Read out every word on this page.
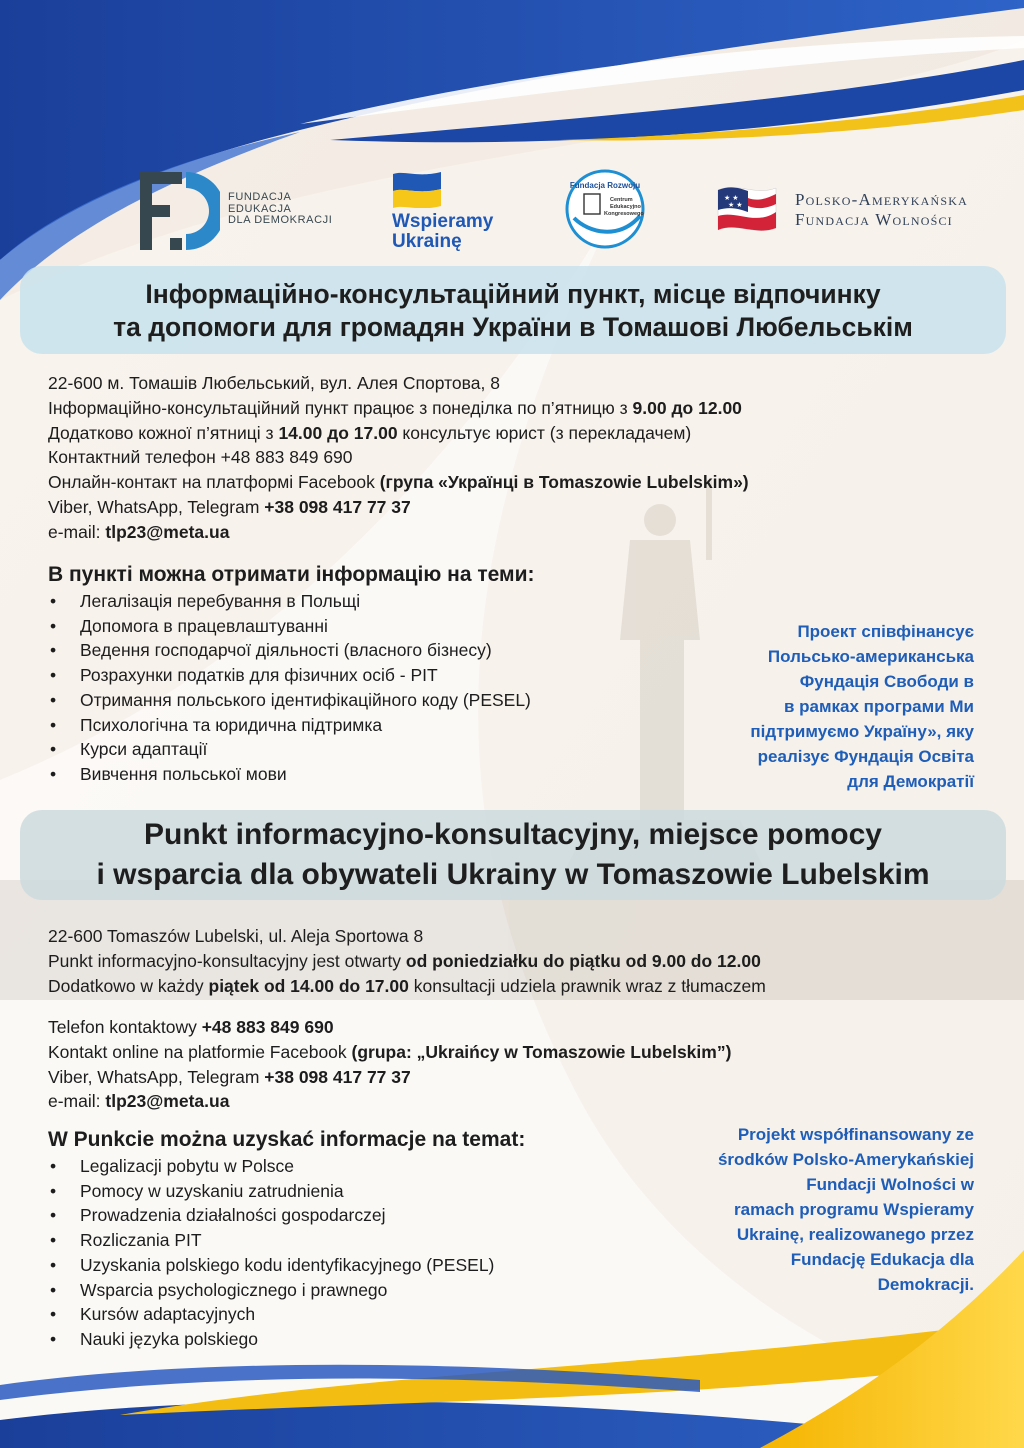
FUNDACJA
EDUKACJA
DLA DEMOKRACJI	Wspieramy
Ukrainę
Fundacja Rozwoju
Centrum
Edukacyjno
Kongresowego
★ ★
★ ★	Polsko-Amerykańska
Fundacja Wolności
Інформаційно-консультаційний пункт, місце відпочинку
та допомоги для громадян України в Томашові Любельськім
22-600 м. Томашів Любельський, вул. Алея Спортова, 8
Інформаційно-консультаційний пункт працює з понеділка по п’ятницю з 9.00 до 12.00
Додатково кожної п’ятниці з 14.00 до 17.00 консультує юрист (з перекладачем)
Контактний телефон +48 883 849 690
Онлайн-контакт на платформі Facebook (група «Українці в Tomaszowie Lubelskim»)
Viber, WhatsApp, Telegram +38 098 417 77 37
e-mail: tlp23@meta.ua
В пункті можна отримати інформацію на теми:
• Легалізація перебування в Польщі
• Допомога в працевлаштуванні
• Ведення господарчої діяльності (власного бізнесу)
• Розрахунки податків для фізичних осіб - PIT
• Отримання польського ідентифікаційного коду (PESEL)
• Психологічна та юридична підтримка
• Курси адаптації
• Вивчення польської мови
Проект співфінансує
Польсько-американська
Фундація Свободи в
в рамках програми Ми
підтримуємо Україну», яку
реалізує Фундація Освіта
для Демократії
Punkt informacyjno-konsultacyjny, miejsce pomocy
i wsparcia dla obywateli Ukrainy w Tomaszowie Lubelskim
22-600 Tomaszów Lubelski, ul. Aleja Sportowa 8
Punkt informacyjno-konsultacyjny jest otwarty od poniedziałku do piątku od 9.00 do 12.00
Dodatkowo w każdy piątek od 14.00 do 17.00 konsultacji udziela prawnik wraz z tłumaczem
Telefon kontaktowy +48 883 849 690
Kontakt online na platformie Facebook (grupa: „Ukraińcy w Tomaszowie Lubelskim”)
Viber, WhatsApp, Telegram +38 098 417 77 37
e-mail: tlp23@meta.ua
W Punkcie można uzyskać informacje na temat:
• Legalizacji pobytu w Polsce
• Pomocy w uzyskaniu zatrudnienia
• Prowadzenia działalności gospodarczej
• Rozliczania PIT
• Uzyskania polskiego kodu identyfikacyjnego (PESEL)
• Wsparcia psychologicznego i prawnego
• Kursów adaptacyjnych
• Nauki języka polskiego
Projekt współfinansowany ze
środków Polsko-Amerykańskiej
Fundacji Wolności w
ramach programu Wspieramy
Ukrainę, realizowanego przez
Fundację Edukacja dla
Demokracji.
